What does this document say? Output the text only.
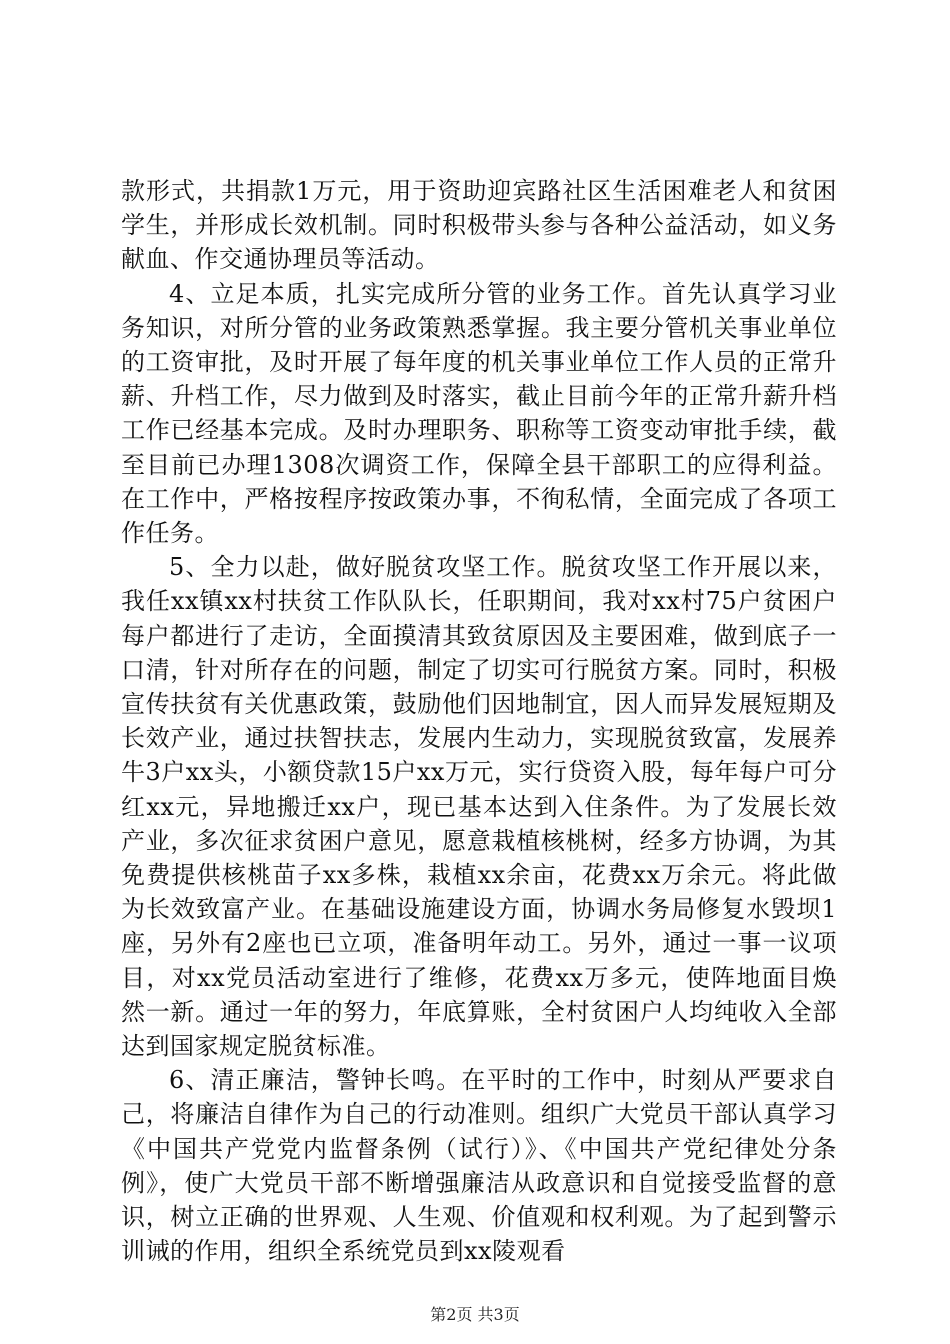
款形式，共捐款1万元，用于资助迎宾路社区生活困难老人和贫困学生，并形成长效机制。同时积极带头参与各种公益活动，如义务献血、作交通协理员等活动。

4、立足本质，扎实完成所分管的业务工作。首先认真学习业务知识，对所分管的业务政策熟悉掌握。我主要分管机关事业单位的工资审批，及时开展了每年度的机关事业单位工作人员的正常升薪、升档工作，尽力做到及时落实，截止目前今年的正常升薪升档工作已经基本完成。及时办理职务、职称等工资变动审批手续，截至目前已办理1308次调资工作，保障全县干部职工的应得利益。在工作中，严格按程序按政策办事，不徇私情，全面完成了各项工作任务。

5、全力以赴，做好脱贫攻坚工作。脱贫攻坚工作开展以来，我任xx镇xx村扶贫工作队队长，任职期间，我对xx村75户贫困户每户都进行了走访，全面摸清其致贫原因及主要困难，做到底子一口清，针对所存在的问题，制定了切实可行脱贫方案。同时，积极宣传扶贫有关优惠政策，鼓励他们因地制宜，因人而异发展短期及长效产业，通过扶智扶志，发展内生动力，实现脱贫致富，发展养牛3户xx头，小额贷款15户xx万元，实行贷资入股，每年每户可分红xx元，异地搬迁xx户，现已基本达到入住条件。为了发展长效产业，多次征求贫困户意见，愿意栽植核桃树，经多方协调，为其免费提供核桃苗子xx多株，栽植xx余亩，花费xx万余元。将此做为长效致富产业。在基础设施建设方面，协调水务局修复水毁坝1座，另外有2座也已立项，准备明年动工。另外，通过一事一议项目，对xx党员活动室进行了维修，花费xx万多元，使阵地面目焕然一新。通过一年的努力，年底算账，全村贫困户人均纯收入全部达到国家规定脱贫标准。

6、清正廉洁，警钟长鸣。在平时的工作中，时刻从严要求自己，将廉洁自律作为自己的行动准则。组织广大党员干部认真学习《中国共产党党内监督条例（试行）》、《中国共产党纪律处分条例》，使广大党员干部不断增强廉洁从政意识和自觉接受监督的意识，树立正确的世界观、人生观、价值观和权利观。为了起到警示训诫的作用，组织全系统党员到xx陵观看

第2页 共3页
